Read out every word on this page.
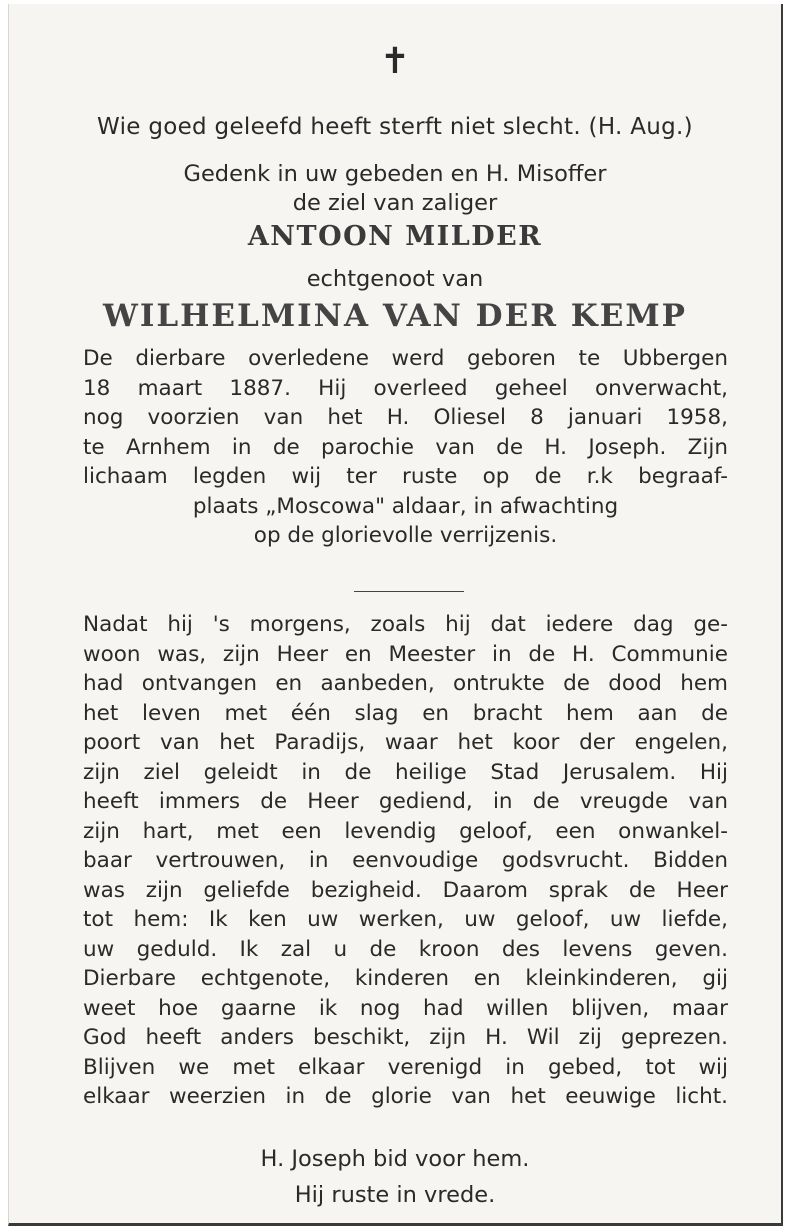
✝
Wie goed geleefd heeft sterft niet slecht. (H. Aug.)
Gedenk in uw gebeden en H. Misoffer
de ziel van zaliger
ANTOON MILDER
echtgenoot van
WILHELMINA VAN DER KEMP
De dierbare overledene werd geboren te Ubbergen
18 maart 1887. Hij overleed geheel onverwacht,
nog voorzien van het H. Oliesel 8 januari 1958,
te Arnhem in de parochie van de H. Joseph. Zijn
lichaam legden wij ter ruste op de r.k begraaf-
plaats „Moscowa" aldaar, in afwachting
op de glorievolle verrijzenis.
Nadat hij 's morgens, zoals hij dat iedere dag ge-
woon was, zijn Heer en Meester in de H. Communie
had ontvangen en aanbeden, ontrukte de dood hem
het leven met één slag en bracht hem aan de
poort van het Paradijs, waar het koor der engelen,
zijn ziel geleidt in de heilige Stad Jerusalem. Hij
heeft immers de Heer gediend, in de vreugde van
zijn hart, met een levendig geloof, een onwankel-
baar vertrouwen, in eenvoudige godsvrucht. Bidden
was zijn geliefde bezigheid. Daarom sprak de Heer
tot hem: Ik ken uw werken, uw geloof, uw liefde,
uw geduld. Ik zal u de kroon des levens geven.
Dierbare echtgenote, kinderen en kleinkinderen, gij
weet hoe gaarne ik nog had willen blijven, maar
God heeft anders beschikt, zijn H. Wil zij geprezen.
Blijven we met elkaar verenigd in gebed, tot wij
elkaar weerzien in de glorie van het eeuwige licht.
H. Joseph bid voor hem.
Hij ruste in vrede.
